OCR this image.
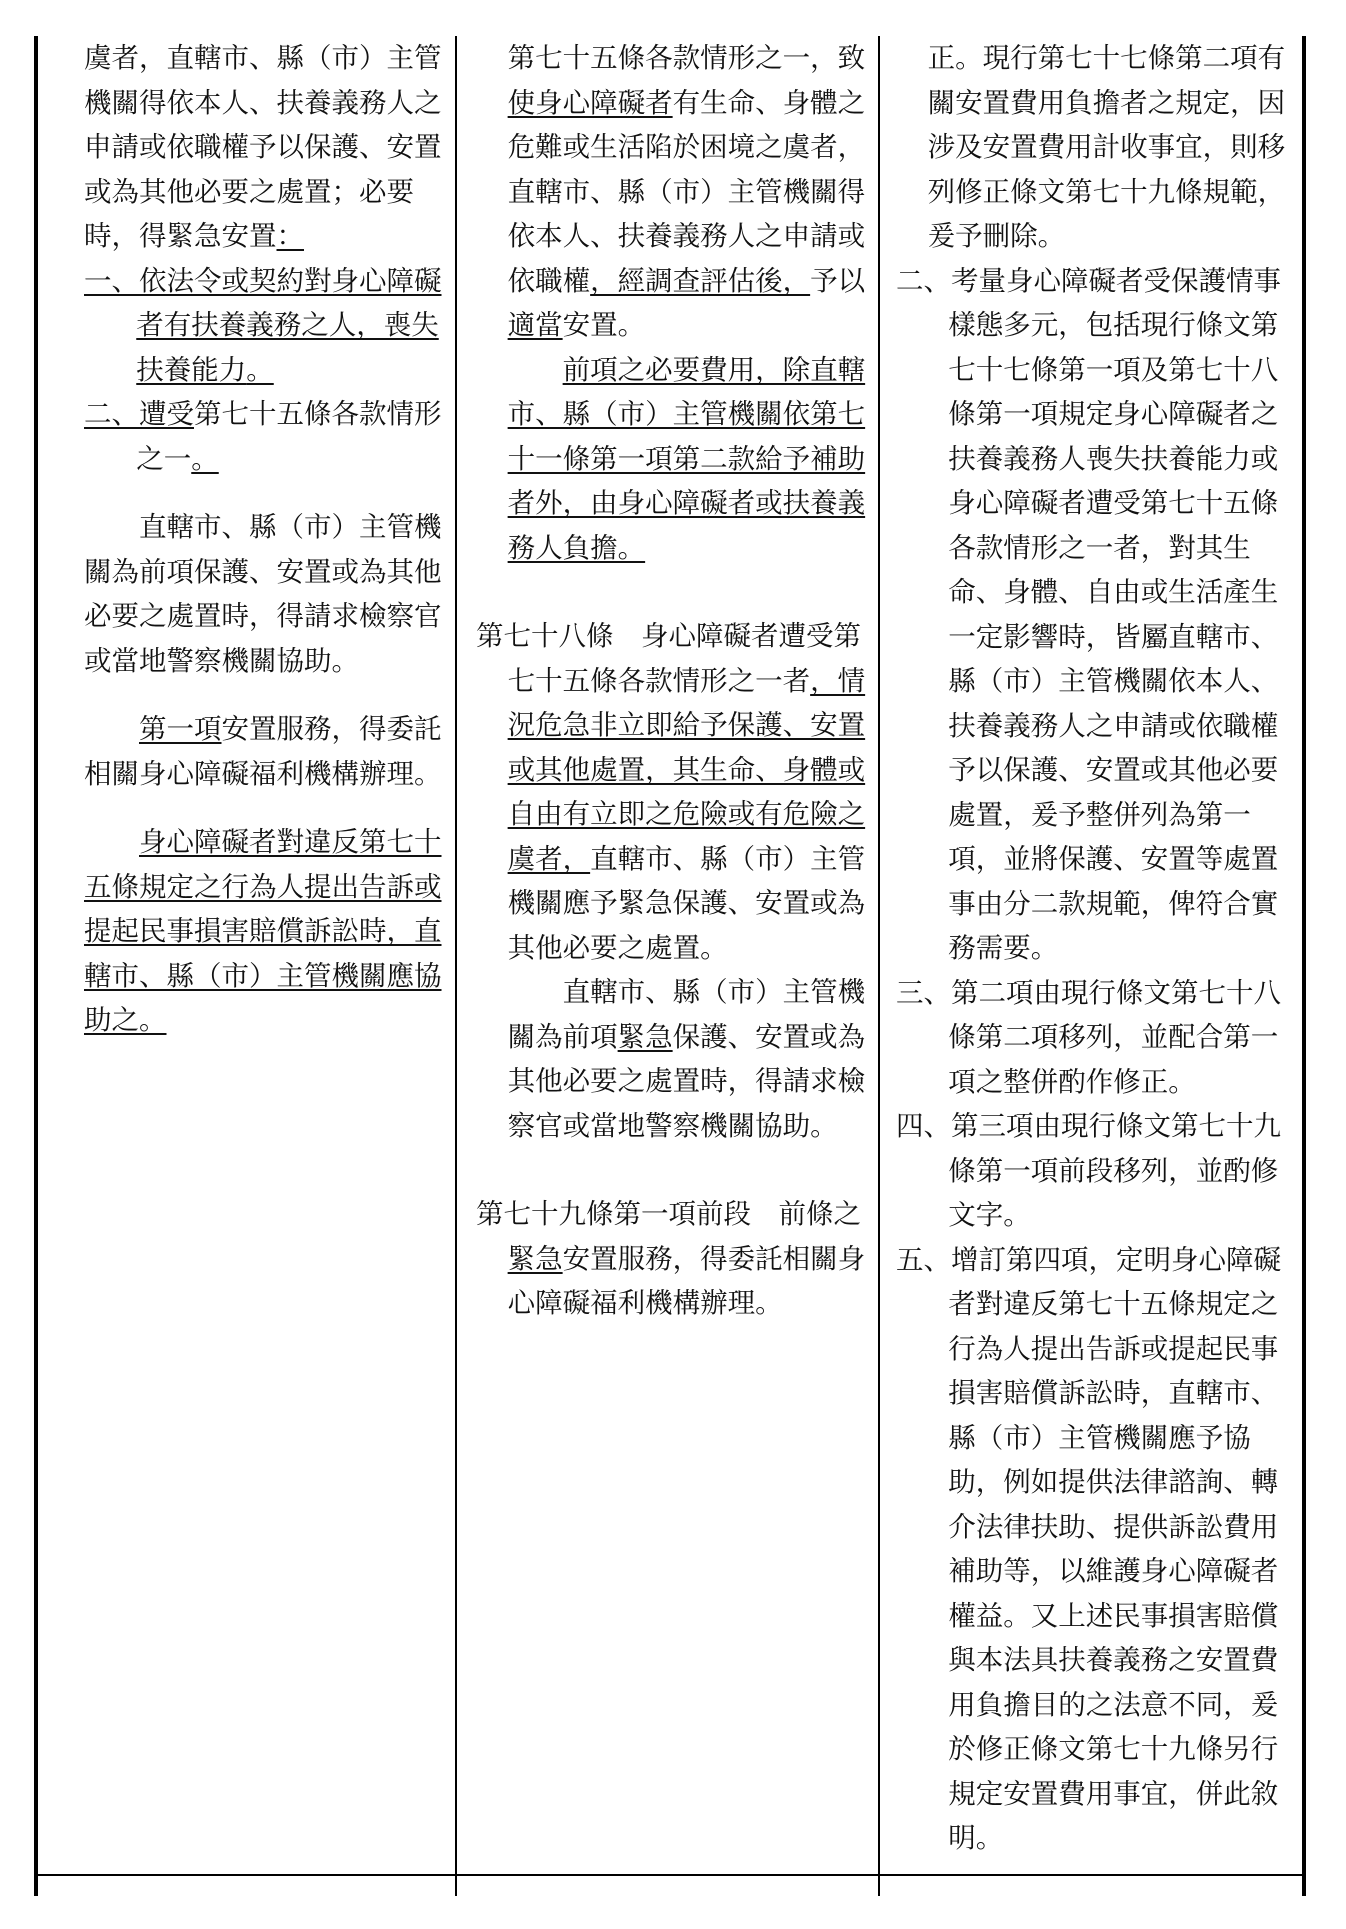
虞者，直轄市、縣（市）主管機關得依本人、扶養義務人之申請或依職權予以保護、安置或為其他必要之處置；必要時，得緊急安置：

一、依法令或契約對身心障礙者有扶養義務之人，喪失扶養能力。

二、遭受第七十五條各款情形之一。

直轄市、縣（市）主管機關為前項保護、安置或為其他必要之處置時，得請求檢察官或當地警察機關協助。

第一項安置服務，得委託相關身心障礙福利機構辦理。

身心障礙者對違反第七十五條規定之行為人提出告訴或提起民事損害賠償訴訟時，直轄市、縣（市）主管機關應協助之。

第七十五條各款情形之一，致使身心障礙者有生命、身體之危難或生活陷於困境之虞者，直轄市、縣（市）主管機關得依本人、扶養義務人之申請或依職權，經調查評估後，予以適當安置。

前項之必要費用，除直轄市、縣（市）主管機關依第七十一條第一項第二款給予補助者外，由身心障礙者或扶養義務人負擔。

第七十八條　身心障礙者遭受第七十五條各款情形之一者，情況危急非立即給予保護、安置或其他處置，其生命、身體或自由有立即之危險或有危險之虞者，直轄市、縣（市）主管機關應予緊急保護、安置或為其他必要之處置。

直轄市、縣（市）主管機關為前項緊急保護、安置或為其他必要之處置時，得請求檢察官或當地警察機關協助。

第七十九條第一項前段　前條之緊急安置服務，得委託相關身心障礙福利機構辦理。

正。現行第七十七條第二項有關安置費用負擔者之規定，因涉及安置費用計收事宜，則移列修正條文第七十九條規範，爰予刪除。

二、考量身心障礙者受保護情事樣態多元，包括現行條文第七十七條第一項及第七十八條第一項規定身心障礙者之扶養義務人喪失扶養能力或身心障礙者遭受第七十五條各款情形之一者，對其生命、身體、自由或生活產生一定影響時，皆屬直轄市、縣（市）主管機關依本人、扶養義務人之申請或依職權予以保護、安置或其他必要處置，爰予整併列為第一項，並將保護、安置等處置事由分二款規範，俾符合實務需要。

三、第二項由現行條文第七十八條第二項移列，並配合第一項之整併酌作修正。

四、第三項由現行條文第七十九條第一項前段移列，並酌修文字。

五、增訂第四項，定明身心障礙者對違反第七十五條規定之行為人提出告訴或提起民事損害賠償訴訟時，直轄市、縣（市）主管機關應予協助，例如提供法律諮詢、轉介法律扶助、提供訴訟費用補助等，以維護身心障礙者權益。又上述民事損害賠償與本法具扶養義務之安置費用負擔目的之法意不同，爰於修正條文第七十九條另行規定安置費用事宜，併此敘明。
